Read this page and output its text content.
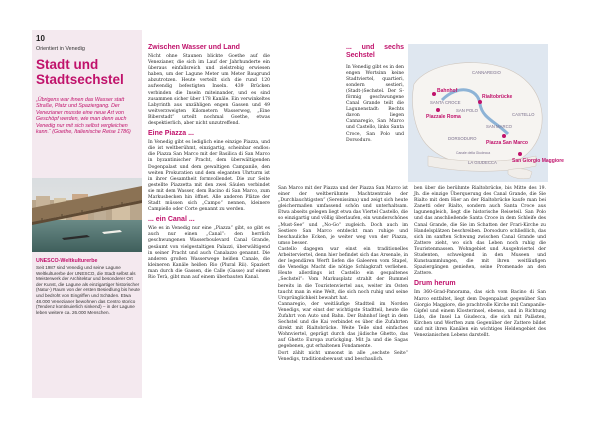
10
Orientiert in Venedig
Stadt und Stadtsechstel
„Übrigens war ihnen das Wasser statt Straße, Platz und Spaziergang. Der Venezianer musste eine neue Art von Geschöpf werden, wie man denn auch Venedig nur mit sich selbst vergleichen kann.“ (Goethe, Italienische Reise 1786)
UNESCO-Weltkulturerbe
Seit 1987 sind Venedig und seine Lagune Weltkulturerbe der UNESCO, die Stadt selbst als Meisterwerk der Architektur und besonderer Ort der Kunst, die Lagune als einzigartiger historischer (Natur-) Raum von der ersten Besiedlung bis heute und bedroht von Eingriffen und Schäden. Etwa 48.000 Venezianer bewohnen das Centro storico (Tendenz kontinuierlich sinkend) – in der Lagune leben weitere ca. 26.000 Menschen.
Zwischen Wasser und Land

Nicht ohne Staunen blickte Goethe auf die Venezianer, die sich im Lauf der Jahrhunderte ein überaus einfallsreich und zielstrebig erwiesen haben, um der Lagune Meter um Meter Baugrund abzutrotzen. Heute verteilt sich die rund 120 aufwendig befestigten Inseln. 439 Brücken verbinden die Inseln miteinander, und es sind zusammen sicher über 178 Kanäle. Ein verwinkeltes Labyrinth aus unzähligen engen Gassen und 49 weitverzweigten Kilometern Wasserweg, „Eine Biberstadt“ urteilt nochmal Goethe, etwas despektierlich, aber nicht unzutreffend.

Eine Piazza ...

In Venedig gibt es lediglich eine einzige Piazza, und die ist weltberühmt, einzigartig, scheinbar endlos: die Piazza San Marco mit der Basilica di San Marco in byzantinischer Pracht, dem überwältigenden Dogenpalast und dem gewaltigen Campanile, den weiten Prokuratien und dem eleganten Uhrturm ist in ihrer Gesamtheit formvollendet. Die zur Seite gestellte Piazzetta mit den zwei Säulen verbindet sie mit dem Wasser, dem Bacino di San Marco, zum Markusbecken hin öffnet. Alle anderen Plätze der Stadt müssen sich „Campo“ nennen, kleinere Campiello oder Corte genannt zu werden.

... ein Canal ...

Wie es in Venedig nur eine „Piazza“ gibt, so gibt es auch nur einen „Canal“: den herrlich geschwungenen Wasserboulevard Canal Grande, gesäumt von vielgestaltigen Palazzi, überwältigend in seiner Pracht und auch Canalazzo genannt. Die anderen großen Wasserwege heißen Canale, die kleineren Kanäle heißen Rio (Plural Rii). Spaziert man durch die Gassen, die Calle (Gasse) auf einem Rio Terà, gibt man auf einem überbauten Kanal.

... und sechs Sechstel

In Venedig gibt es in den engen Wortsinn keine Stadtviertel, quartieri, sondern sestieri, (Stadt-)Sechstel. Der S-förmig geschwungene Canal Grande teilt die Lagunenstadt: Rechts davon liegen Cannaregio, San Marco und Castello, links Santa Croce, San Polo und Dorsoduro.

Bahnhof
Piazzale Roma
Rialtobrücke
Piazza San Marco
San Giorgio Maggiore
CANNAREGIO
SAN POLO
SANTA CROCE
DORSODURO
SAN MARCO
CASTELLO
LA GIUDECCA
Canale della Giudecca

San Marco mit der Piazza und der Piazza San Marco ist einer der weltberühmte Machtzentrale der „Durchlauchtigsten“ (Serenissima) und zeigt sich heute gleichermaßen umfassend schön und unterhaltsam. Etwa abseits gelegen liegt etwa das Viertel Castello, die so einzigartig und völlig überlaufen, ein wunderschönes „Must-See“ und „No-Go“ zugleich. Doch auch im Sestiere San Marco entdeckt man ruhige und beschauliche Ecken, je weiter weg von der Piazza, umso besser.

Castello dagegen war einst ein traditionelles Arbeiterviertel, denn hier befindet sich das Arsenale, in der legendären Werft liefen die Galeeren vom Stapel, die Venedigs Macht die nötige Schlagkraft verliehen. Heute allerdings ist Castello ein gespaltenes „Sechstel“: Vom Markusplatz strahlt der Rummel bereits in die Touristenviertel aus, weiter im Osten taucht man in eine Welt, die sich noch ruhig und seine Ursprünglichkeit bewahrt hat.

Cannaregio, der weitläufige Stadtteil im Norden Venedigs, war einst der wichtigste Stadtteil, heute die Zufahrt von Auto und Bahn. Der Bahnhof liegt in dem Sechstel und die Kai verbindet es über die Zufahrten direkt mit Rialtobrücke. Weite Teile sind einfaches Wohnviertel, geprägt durch das jüdische Ghetto, das auf Ghetto Europa zurückging. Mit Ja und die Sagas gegebenen, gut erhaltenen Fondamente.

Dort zählt nicht umsonst in alle „sechste Seite“ Venedigs, traditionsbewusst und beschaulich.

ben über die berühmte Rialtobrücke, bis Mitte des 19. Jh. die einzige Überquerung des Canal Grande, die Sie Rialto mit dem Hier an der Rialtobrücke kaufe man bei Zanetti oder Rialto, sondern auch Santa Croce aus lagunengleich, liegt die historische Reiseteil. San Polo und das anschließende Santa Croce in dem Schleife des Canal Grande, die Sie im Schatten der Frari-Kirche zu Handelsplätzen beschreiben. Dorsoduro schließlich, das sich im sanften Schwung zwischen Canal Grande und Zattere zieht, wo sich das Leben noch ruhig die Touristenmassen. Wohngebiet und Ausgehviertel der Studenten, schwelgend in den Museen und Kunstsammlungen, die mit ihren weitläufigen Spaziergängen genießen, seine Promenade an den Zattere.

Drum herum

Im 360-Grad-Panorama, das sich vom Bacino di San Marco entfaltet, liegt dem Dogenpalast gegenüber San Giorgio Maggiore, die prachtvolle Kirche mit Campanile-Gipfel und einem Klosterinsel, ebenso, und in Richtung Lido, die Insel La Giudecca, die sich mit Palästen, Kirchen und Werften zum Gegenüber der Zattere bildet und mit ihren Kanälen ein wichtiges Heldengebiet des Venezianischen Lebens darstellt.
